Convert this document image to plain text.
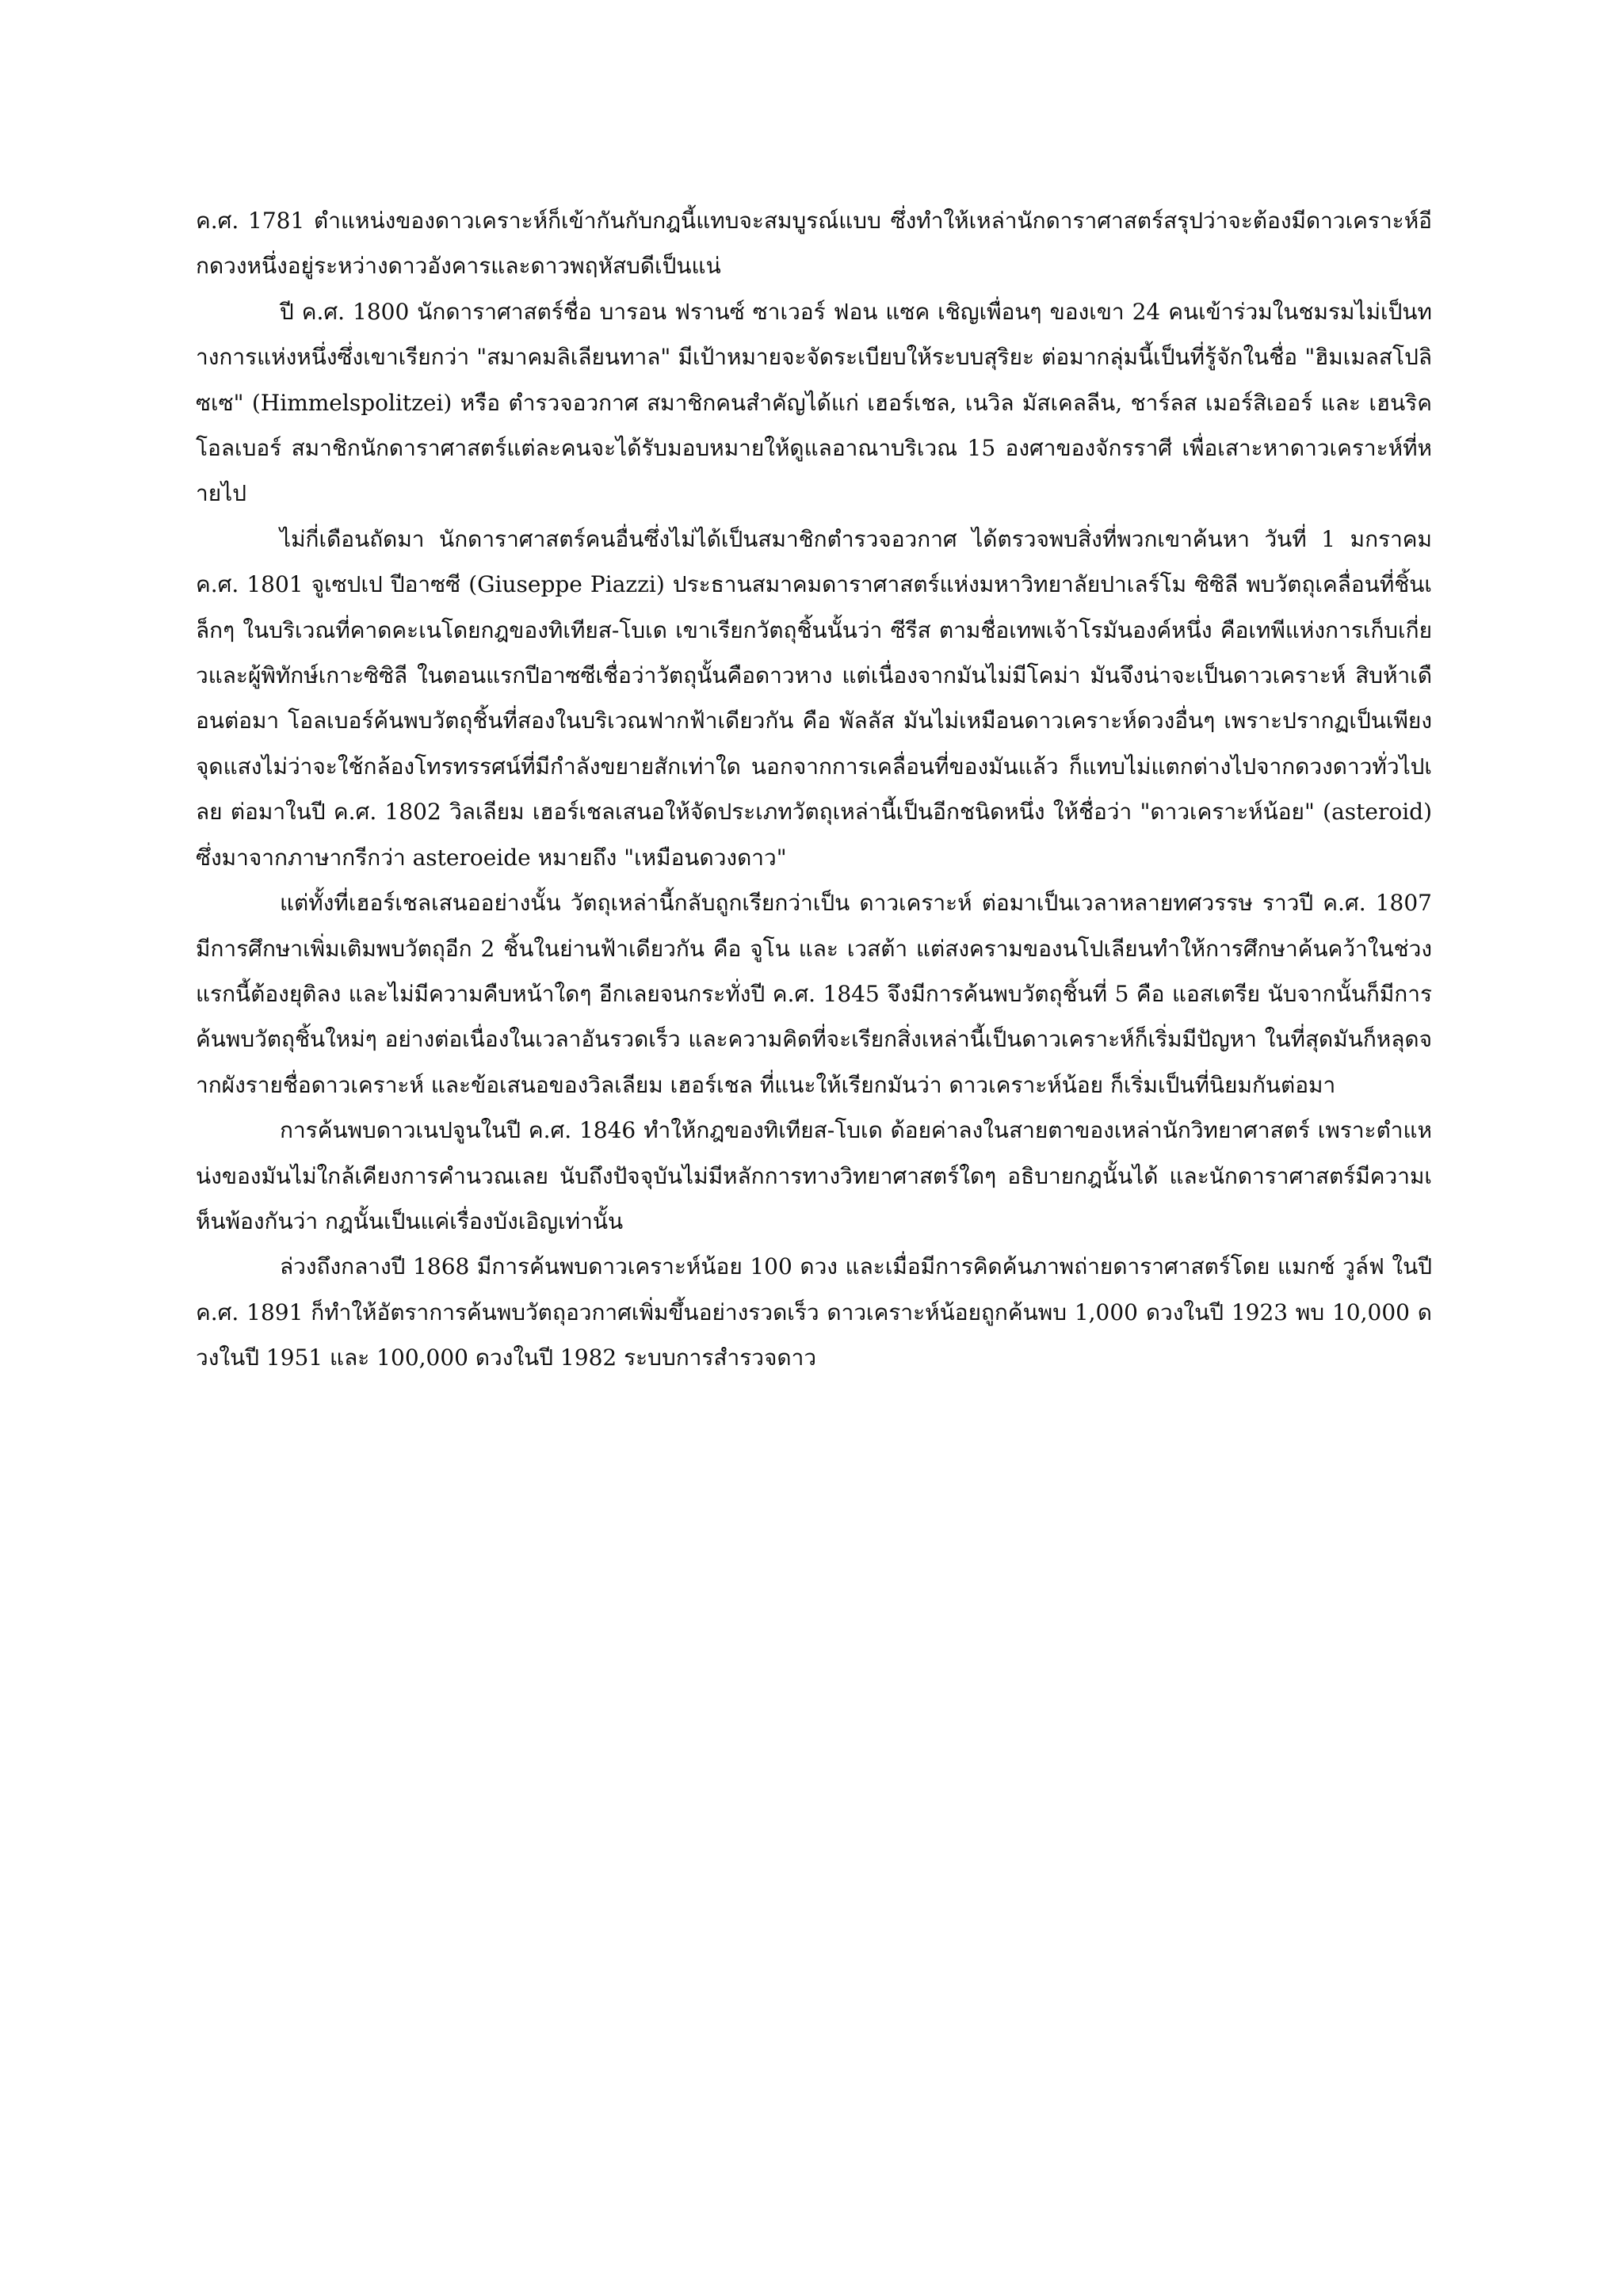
ค.ศ. 1781 ตำแหน่งของดาวเคราะห์ก็เข้ากันกับกฎนี้แทบจะสมบูรณ์แบบ ซึ่งทำให้เหล่านักดาราศาสตร์สรุปว่าจะต้องมีดาวเคราะห์อีกดวงหนึ่งอยู่ระหว่างดาวอังคารและดาวพฤหัสบดีเป็นแน่

ปี ค.ศ. 1800 นักดาราศาสตร์ชื่อ บารอน ฟรานซ์ ซาเวอร์ ฟอน แซค เชิญเพื่อนๆ ของเขา 24 คนเข้าร่วมในชมรมไม่เป็นทางการแห่งหนึ่งซึ่งเขาเรียกว่า "สมาคมลิเลียนทาล" มีเป้าหมายจะจัดระเบียบให้ระบบสุริยะ ต่อมากลุ่มนี้เป็นที่รู้จักในชื่อ "ฮิมเมลสโปลิซเซ" (Himmelspolitzei) หรือ ตำรวจอวกาศ สมาชิกคนสำคัญได้แก่ เฮอร์เชล, เนวิล มัสเคลลีน, ชาร์ลส เมอร์สิเออร์ และ เฮนริค โอลเบอร์ สมาชิกนักดาราศาสตร์แต่ละคนจะได้รับมอบหมายให้ดูแลอาณาบริเวณ 15 องศาของจักรราศี เพื่อเสาะหาดาวเคราะห์ที่หายไป

ไม่กี่เดือนถัดมา นักดาราศาสตร์คนอื่นซึ่งไม่ได้เป็นสมาชิกตำรวจอวกาศ ได้ตรวจพบสิ่งที่พวกเขาค้นหา วันที่ 1 มกราคม ค.ศ. 1801 จูเซปเป ปีอาซซี (Giuseppe Piazzi) ประธานสมาคมดาราศาสตร์แห่งมหาวิทยาลัยปาเลร์โม ซิซิลี พบวัตถุเคลื่อนที่ชิ้นเล็กๆ ในบริเวณที่คาดคะเนโดยกฎของทิเทียส-โบเด เขาเรียกวัตถุชิ้นนั้นว่า ซีรีส ตามชื่อเทพเจ้าโรมันองค์หนึ่ง คือเทพีแห่งการเก็บเกี่ยวและผู้พิทักษ์เกาะซิซิลี ในตอนแรกปีอาซซีเชื่อว่าวัตถุนั้นคือดาวหาง แต่เนื่องจากมันไม่มีโคม่า มันจึงน่าจะเป็นดาวเคราะห์ สิบห้าเดือนต่อมา โอลเบอร์ค้นพบวัตถุชิ้นที่สองในบริเวณฟากฟ้าเดียวกัน คือ พัลลัส มันไม่เหมือนดาวเคราะห์ดวงอื่นๆ เพราะปรากฏเป็นเพียงจุดแสงไม่ว่าจะใช้กล้องโทรทรรศน์ที่มีกำลังขยายสักเท่าใด นอกจากการเคลื่อนที่ของมันแล้ว ก็แทบไม่แตกต่างไปจากดวงดาวทั่วไปเลย ต่อมาในปี ค.ศ. 1802 วิลเลียม เฮอร์เชลเสนอให้จัดประเภทวัตถุเหล่านี้เป็นอีกชนิดหนึ่ง ให้ชื่อว่า "ดาวเคราะห์น้อย" (asteroid) ซึ่งมาจากภาษากรีกว่า asteroeide หมายถึง "เหมือนดวงดาว"

แต่ทั้งที่เฮอร์เชลเสนออย่างนั้น วัตถุเหล่านี้กลับถูกเรียกว่าเป็น ดาวเคราะห์ ต่อมาเป็นเวลาหลายทศวรรษ ราวปี ค.ศ. 1807 มีการศึกษาเพิ่มเติมพบวัตถุอีก 2 ชิ้นในย่านฟ้าเดียวกัน คือ จูโน และ เวสต้า แต่สงครามของนโปเลียนทำให้การศึกษาค้นคว้าในช่วงแรกนี้ต้องยุติลง และไม่มีความคืบหน้าใดๆ อีกเลยจนกระทั่งปี ค.ศ. 1845 จึงมีการค้นพบวัตถุชิ้นที่ 5 คือ แอสเตรีย นับจากนั้นก็มีการค้นพบวัตถุชิ้นใหม่ๆ อย่างต่อเนื่องในเวลาอันรวดเร็ว และความคิดที่จะเรียกสิ่งเหล่านี้เป็นดาวเคราะห์ก็เริ่มมีปัญหา ในที่สุดมันก็หลุดจากผังรายชื่อดาวเคราะห์ และข้อเสนอของวิลเลียม เฮอร์เชล ที่แนะให้เรียกมันว่า ดาวเคราะห์น้อย ก็เริ่มเป็นที่นิยมกันต่อมา

การค้นพบดาวเนปจูนในปี ค.ศ. 1846 ทำให้กฎของทิเทียส-โบเด ด้อยค่าลงในสายตาของเหล่านักวิทยาศาสตร์ เพราะตำแหน่งของมันไม่ใกล้เคียงการคำนวณเลย นับถึงปัจจุบันไม่มีหลักการทางวิทยาศาสตร์ใดๆ อธิบายกฎนั้นได้ และนักดาราศาสตร์มีความเห็นพ้องกันว่า กฎนั้นเป็นแค่เรื่องบังเอิญเท่านั้น

ล่วงถึงกลางปี 1868 มีการค้นพบดาวเคราะห์น้อย 100 ดวง และเมื่อมีการคิดค้นภาพถ่ายดาราศาสตร์โดย แมกซ์ วูล์ฟ ในปี ค.ศ. 1891 ก็ทำให้อัตราการค้นพบวัตถุอวกาศเพิ่มขึ้นอย่างรวดเร็ว ดาวเคราะห์น้อยถูกค้นพบ 1,000 ดวงในปี 1923 พบ 10,000 ดวงในปี 1951 และ 100,000 ดวงในปี 1982 ระบบการสำรวจดาว
